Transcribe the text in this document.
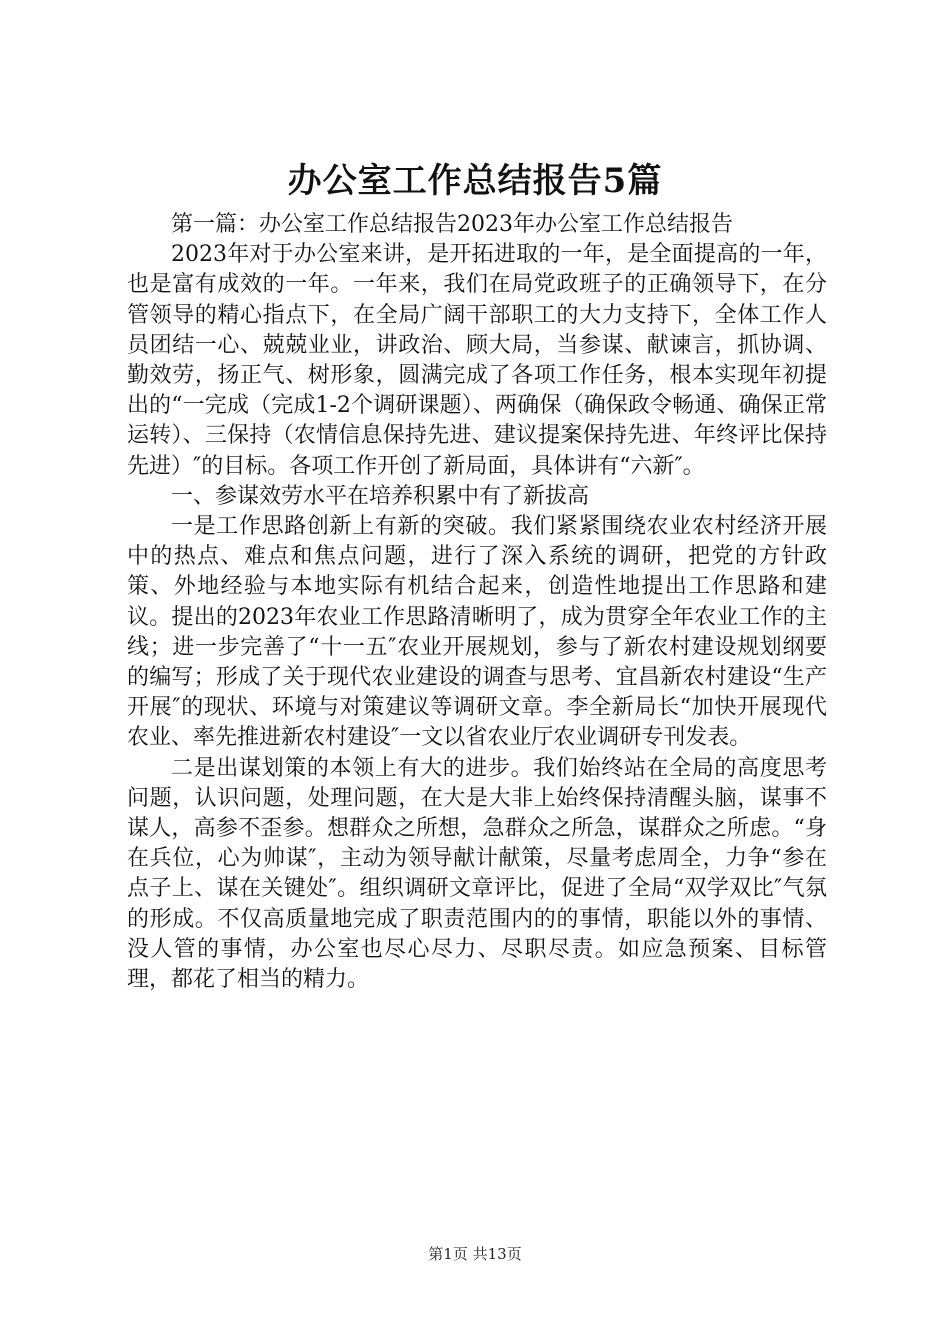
办公室工作总结报告5篇

第一篇：办公室工作总结报告2023年办公室工作总结报告

2023年对于办公室来讲，是开拓进取的一年，是全面提高的一年，也是富有成效的一年。一年来，我们在局党政班子的正确领导下，在分管领导的精心指点下，在全局广阔干部职工的大力支持下，全体工作人员团结一心、兢兢业业，讲政治、顾大局，当参谋、献谏言，抓协调、勤效劳，扬正气、树形象，圆满完成了各项工作任务，根本实现年初提出的“一完成（完成1-2个调研课题）、两确保（确保政令畅通、确保正常运转）、三保持（农情信息保持先进、建议提案保持先进、年终评比保持先进）″的目标。各项工作开创了新局面，具体讲有“六新″。

一、参谋效劳水平在培养积累中有了新拔高

一是工作思路创新上有新的突破。我们紧紧围绕农业农村经济开展中的热点、难点和焦点问题，进行了深入系统的调研，把党的方针政策、外地经验与本地实际有机结合起来，创造性地提出工作思路和建议。提出的2023年农业工作思路清晰明了，成为贯穿全年农业工作的主线；进一步完善了“十一五″农业开展规划，参与了新农村建设规划纲要的编写；形成了关于现代农业建设的调查与思考、宜昌新农村建设“生产开展″的现状、环境与对策建议等调研文章。李全新局长“加快开展现代农业、率先推进新农村建设″一文以省农业厅农业调研专刊发表。

二是出谋划策的本领上有大的进步。我们始终站在全局的高度思考问题，认识问题，处理问题，在大是大非上始终保持清醒头脑，谋事不谋人，高参不歪参。想群众之所想，急群众之所急，谋群众之所虑。“身在兵位，心为帅谋″，主动为领导献计献策，尽量考虑周全，力争“参在点子上、谋在关键处″。组织调研文章评比，促进了全局“双学双比″气氛的形成。不仅高质量地完成了职责范围内的的事情，职能以外的事情、没人管的事情，办公室也尽心尽力、尽职尽责。如应急预案、目标管理，都花了相当的精力。

第1页 共13页
